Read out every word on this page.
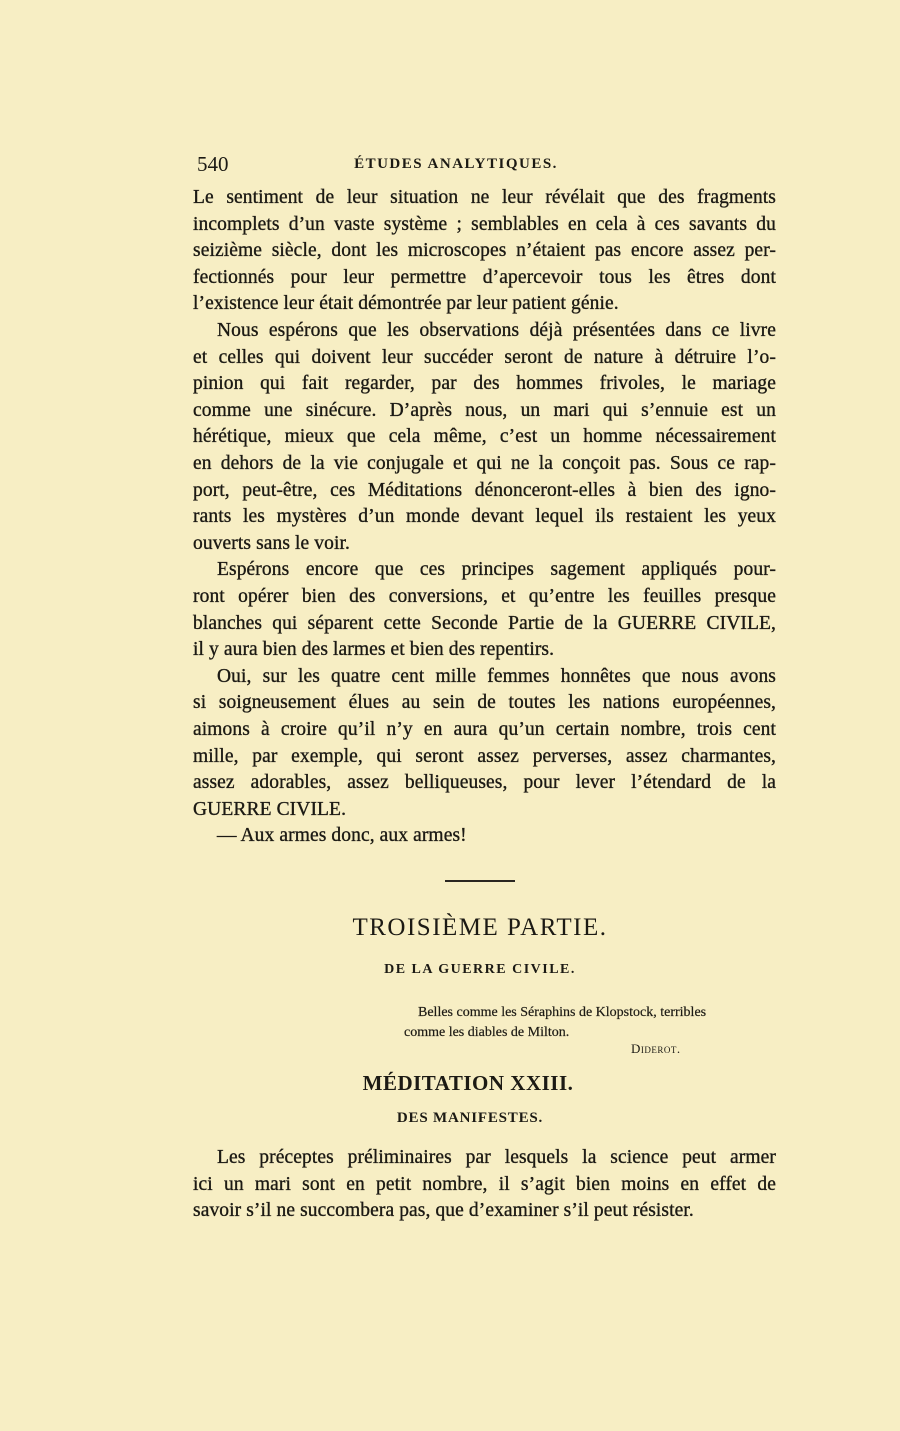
540	ÉTUDES ANALYTIQUES.
Le sentiment de leur situation ne leur révélait que des fragments
incomplets d’un vaste système ; semblables en cela à ces savants du
seizième siècle, dont les microscopes n’étaient pas encore assez per-
fectionnés pour leur permettre d’apercevoir tous les êtres dont
l’existence leur était démontrée par leur patient génie.
Nous espérons que les observations déjà présentées dans ce livre
et celles qui doivent leur succéder seront de nature à détruire l’o-
pinion qui fait regarder, par des hommes frivoles, le mariage
comme une sinécure. D’après nous, un mari qui s’ennuie est un
hérétique, mieux que cela même, c’est un homme nécessairement
en dehors de la vie conjugale et qui ne la conçoit pas. Sous ce rap-
port, peut-être, ces Méditations dénonceront-elles à bien des igno-
rants les mystères d’un monde devant lequel ils restaient les yeux
ouverts sans le voir.
Espérons encore que ces principes sagement appliqués pour-
ront opérer bien des conversions, et qu’entre les feuilles presque
blanches qui séparent cette Seconde Partie de la GUERRE CIVILE,
il y aura bien des larmes et bien des repentirs.
Oui, sur les quatre cent mille femmes honnêtes que nous avons
si soigneusement élues au sein de toutes les nations européennes,
aimons à croire qu’il n’y en aura qu’un certain nombre, trois cent
mille, par exemple, qui seront assez perverses, assez charmantes,
assez adorables, assez belliqueuses, pour lever l’étendard de la
GUERRE CIVILE.
— Aux armes donc, aux armes!
TROISIÈME PARTIE.
DE LA GUERRE CIVILE.
Belles comme les Séraphins de Klopstock, terribles
comme les diables de Milton.
Diderot.
MÉDITATION XXIII.
DES MANIFESTES.
Les préceptes préliminaires par lesquels la science peut armer
ici un mari sont en petit nombre, il s’agit bien moins en effet de
savoir s’il ne succombera pas, que d’examiner s’il peut résister.
